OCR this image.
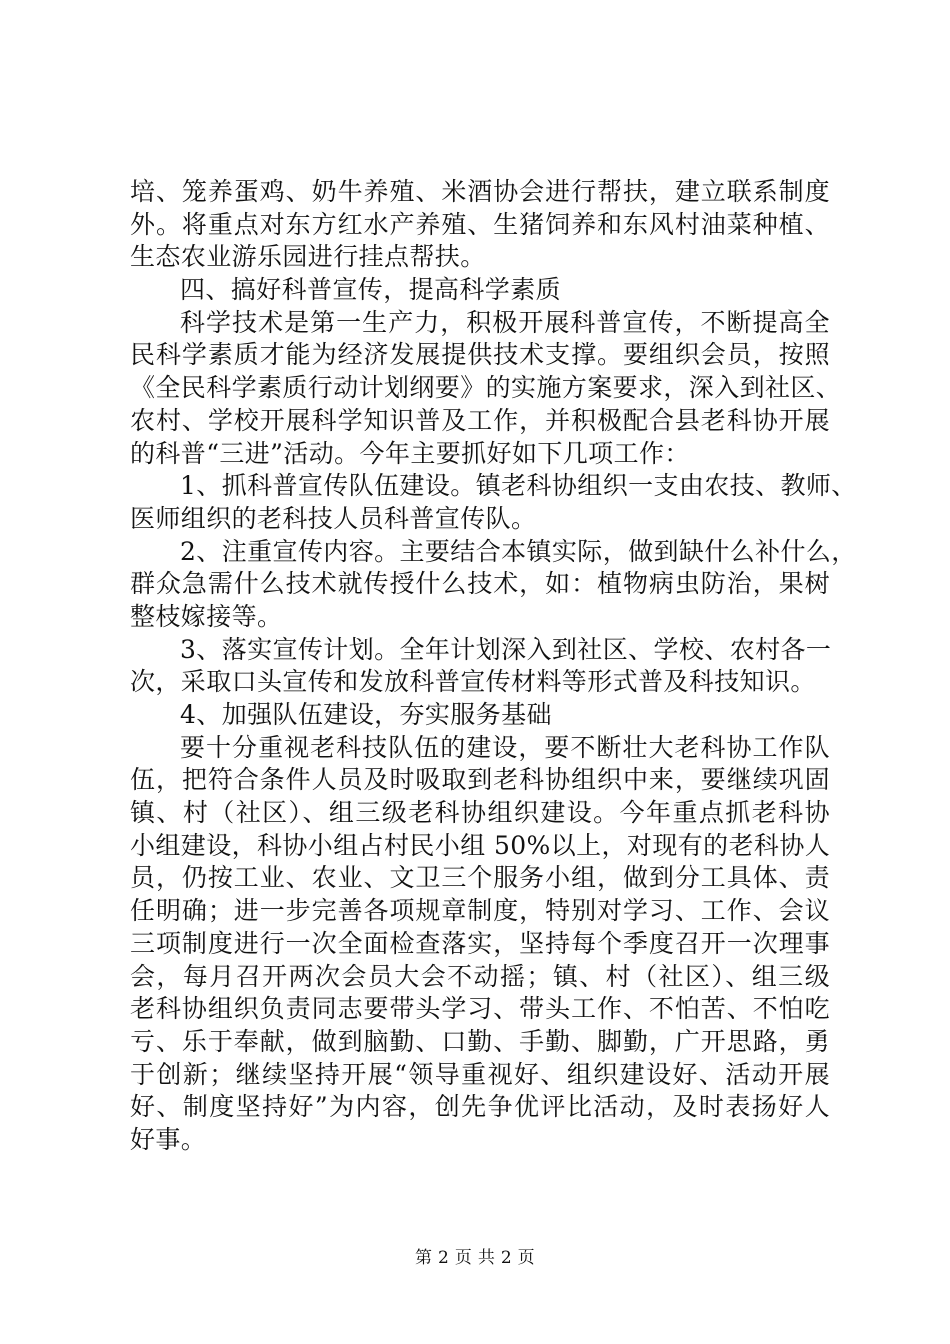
培、笼养蛋鸡、奶牛养殖、米酒协会进行帮扶，建立联系制度
外。将重点对东方红水产养殖、生猪饲养和东风村油菜种植、
生态农业游乐园进行挂点帮扶。
四、搞好科普宣传，提高科学素质
科学技术是第一生产力，积极开展科普宣传，不断提高全
民科学素质才能为经济发展提供技术支撑。要组织会员，按照
《全民科学素质行动计划纲要》的实施方案要求，深入到社区、
农村、学校开展科学知识普及工作，并积极配合县老科协开展
的科普“三进”活动。今年主要抓好如下几项工作：
1、抓科普宣传队伍建设。镇老科协组织一支由农技、教师、
医师组织的老科技人员科普宣传队。
2、注重宣传内容。主要结合本镇实际，做到缺什么补什么，
群众急需什么技术就传授什么技术，如：植物病虫防治，果树
整枝嫁接等。
3、落实宣传计划。全年计划深入到社区、学校、农村各一
次，采取口头宣传和发放科普宣传材料等形式普及科技知识。
4、加强队伍建设，夯实服务基础
要十分重视老科技队伍的建设，要不断壮大老科协工作队
伍，把符合条件人员及时吸取到老科协组织中来，要继续巩固
镇、村（社区）、组三级老科协组织建设。今年重点抓老科协
小组建设，科协小组占村民小组 50%以上，对现有的老科协人
员，仍按工业、农业、文卫三个服务小组，做到分工具体、责
任明确；进一步完善各项规章制度，特别对学习、工作、会议
三项制度进行一次全面检查落实，坚持每个季度召开一次理事
会，每月召开两次会员大会不动摇；镇、村（社区）、组三级
老科协组织负责同志要带头学习、带头工作、不怕苦、不怕吃
亏、乐于奉献，做到脑勤、口勤、手勤、脚勤，广开思路，勇
于创新；继续坚持开展“领导重视好、组织建设好、活动开展
好、制度坚持好”为内容，创先争优评比活动，及时表扬好人
好事。
第 2 页 共 2 页
